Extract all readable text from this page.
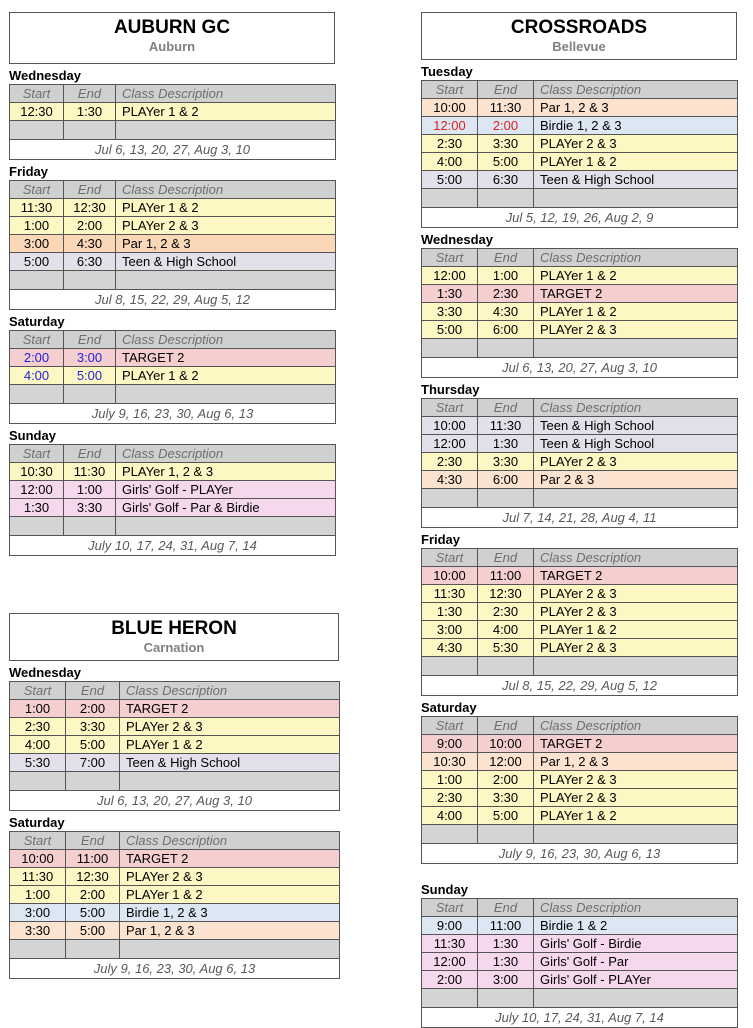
AUBURN GC
Auburn
Wednesday
Start	End	Class Description
12:30	1:30	PLAYer 1 & 2

Jul 6, 13, 20, 27, Aug 3, 10		
Friday
Start	End	Class Description
11:30	12:30	PLAYer 1 & 2
1:00	2:00	PLAYer 2 & 3
3:00	4:30	Par 1, 2 & 3
5:00	6:30	Teen & High School

Jul 8, 15, 22, 29, Aug 5, 12		
Saturday
Start	End	Class Description
2:00	3:00	TARGET 2
4:00	5:00	PLAYer 1 & 2

July 9, 16, 23, 30, Aug 6, 13		
Sunday
Start	End	Class Description
10:30	11:30	PLAYer 1, 2 & 3
12:00	1:00	Girls' Golf - PLAYer
1:30	3:30	Girls' Golf - Par & Birdie

July 10, 17, 24, 31, Aug 7, 14		
BLUE HERON
Carnation
Wednesday
Start	End	Class Description
1:00	2:00	TARGET 2
2:30	3:30	PLAYer 2 & 3
4:00	5:00	PLAYer 1 & 2
5:30	7:00	Teen & High School

Jul 6, 13, 20, 27, Aug 3, 10		
Saturday
Start	End	Class Description
10:00	11:00	TARGET 2
11:30	12:30	PLAYer 2 & 3
1:00	2:00	PLAYer 1 & 2
3:00	5:00	Birdie 1, 2 & 3
3:30	5:00	Par 1, 2 & 3

July 9, 16, 23, 30, Aug 6, 13		
CROSSROADS
Bellevue
Tuesday
Start	End	Class Description
10:00	11:30	Par 1, 2 & 3
12:00	2:00	Birdie 1, 2 & 3
2:30	3:30	PLAYer 2 & 3
4:00	5:00	PLAYer 1 & 2
5:00	6:30	Teen & High School

Jul 5, 12, 19, 26, Aug 2, 9		
Wednesday
Start	End	Class Description
12:00	1:00	PLAYer 1 & 2
1:30	2:30	TARGET 2
3:30	4:30	PLAYer 1 & 2
5:00	6:00	PLAYer 2 & 3

Jul 6, 13, 20, 27, Aug 3, 10		
Thursday
Start	End	Class Description
10:00	11:30	Teen & High School
12:00	1:30	Teen & High School
2:30	3:30	PLAYer 2 & 3
4:30	6:00	Par 2 & 3

Jul 7, 14, 21, 28, Aug 4, 11		
Friday
Start	End	Class Description
10:00	11:00	TARGET 2
11:30	12:30	PLAYer 2 & 3
1:30	2:30	PLAYer 2 & 3
3:00	4:00	PLAYer 1 & 2
4:30	5:30	PLAYer 2 & 3

Jul 8, 15, 22, 29, Aug 5, 12		
Saturday
Start	End	Class Description
9:00	10:00	TARGET 2
10:30	12:00	Par 1, 2 & 3
1:00	2:00	PLAYer 2 & 3
2:30	3:30	PLAYer 2 & 3
4:00	5:00	PLAYer 1 & 2

July 9, 16, 23, 30, Aug 6, 13		
Sunday
Start	End	Class Description
9:00	11:00	Birdie 1 & 2
11:30	1:30	Girls' Golf - Birdie
12:00	1:30	Girls' Golf - Par
2:00	3:00	Girls' Golf - PLAYer

July 10, 17, 24, 31, Aug 7, 14		
